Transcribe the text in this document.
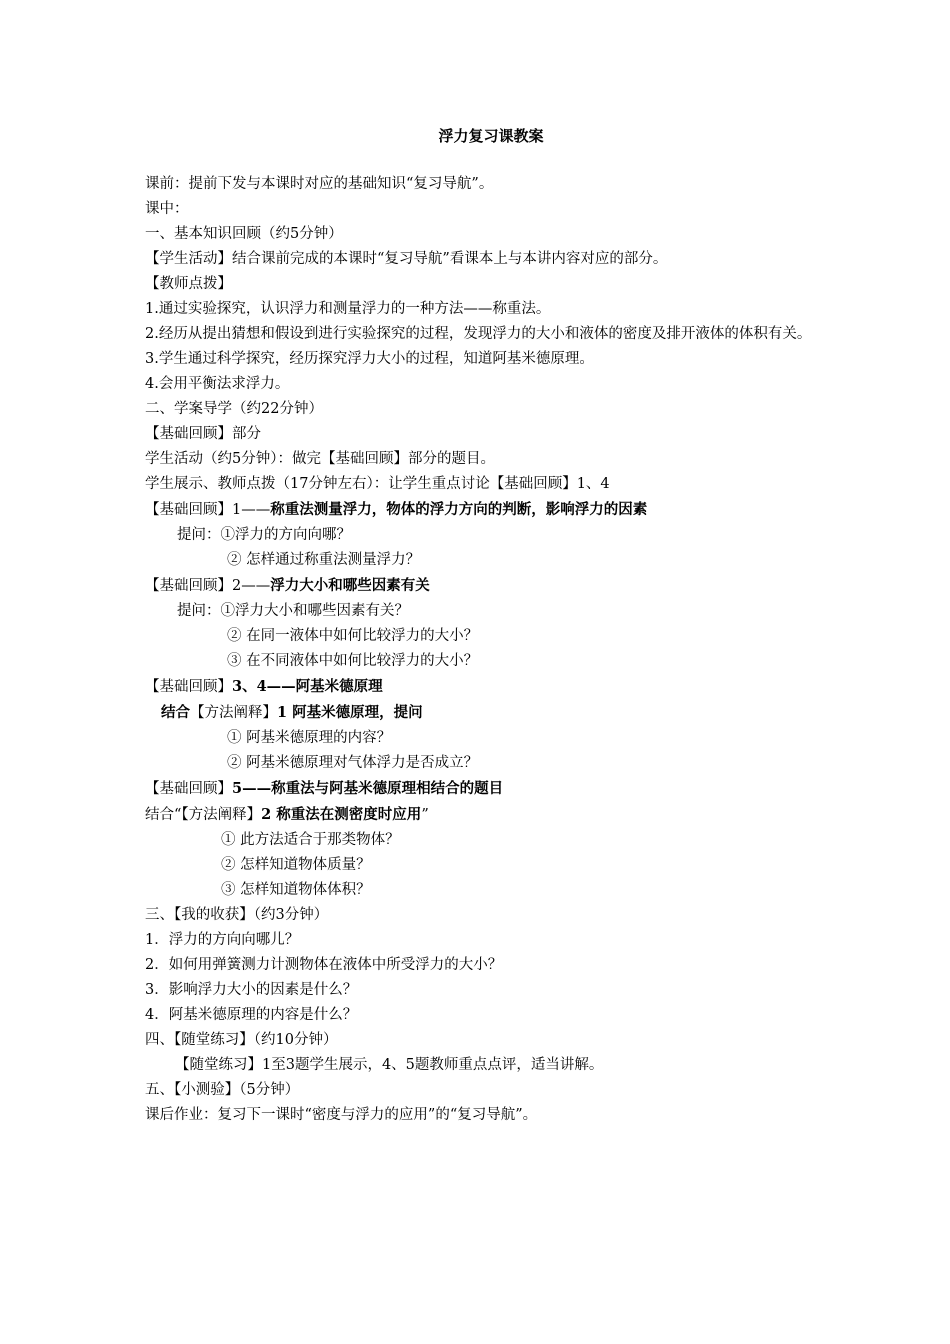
浮力复习课教案
课前：提前下发与本课时对应的基础知识“复习导航”。
课中：
一、基本知识回顾（约5分钟）
【学生活动】结合课前完成的本课时“复习导航”看课本上与本讲内容对应的部分。
【教师点拨】
1.通过实验探究，认识浮力和测量浮力的一种方法——称重法。
2.经历从提出猜想和假设到进行实验探究的过程，发现浮力的大小和液体的密度及排开液体的体积有关。
3.学生通过科学探究，经历探究浮力大小的过程，知道阿基米德原理。
4.会用平衡法求浮力。
二、学案导学（约22分钟）
【基础回顾】部分
学生活动（约5分钟）：做完【基础回顾】部分的题目。
学生展示、教师点拨（17分钟左右）：让学生重点讨论【基础回顾】1、4
【基础回顾】1——称重法测量浮力，物体的浮力方向的判断，影响浮力的因素
提问：①浮力的方向向哪？
② 怎样通过称重法测量浮力？
【基础回顾】2——浮力大小和哪些因素有关
提问：①浮力大小和哪些因素有关？
② 在同一液体中如何比较浮力的大小？
③ 在不同液体中如何比较浮力的大小？
【基础回顾】3、4——阿基米德原理
结合【方法阐释】1 阿基米德原理，提问
① 阿基米德原理的内容？
② 阿基米德原理对气体浮力是否成立？
【基础回顾】5——称重法与阿基米德原理相结合的题目
结合“【方法阐释】2 称重法在测密度时应用”
① 此方法适合于那类物体？
② 怎样知道物体质量？
③ 怎样知道物体体积？
三、【我的收获】（约3分钟）
1．浮力的方向向哪儿？
2．如何用弹簧测力计测物体在液体中所受浮力的大小？
3．影响浮力大小的因素是什么？
4．阿基米德原理的内容是什么？
四、【随堂练习】（约10分钟）
【随堂练习】1至3题学生展示，4、5题教师重点点评，适当讲解。
五、【小测验】（5分钟）
课后作业：复习下一课时“密度与浮力的应用”的“复习导航”。
